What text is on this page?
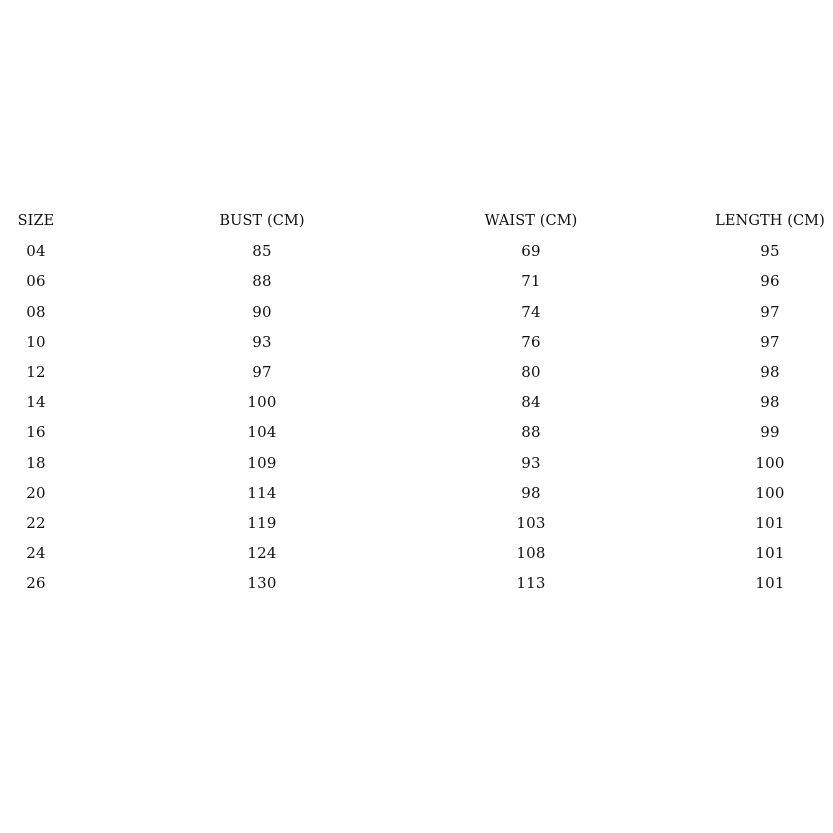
SIZE	BUST (CM)	WAIST (CM)	LENGTH (CM)
04	85	69	95
06	88	71	96
08	90	74	97
10	93	76	97
12	97	80	98
14	100	84	98
16	104	88	99
18	109	93	100
20	114	98	100
22	119	103	101
24	124	108	101
26	130	113	101
